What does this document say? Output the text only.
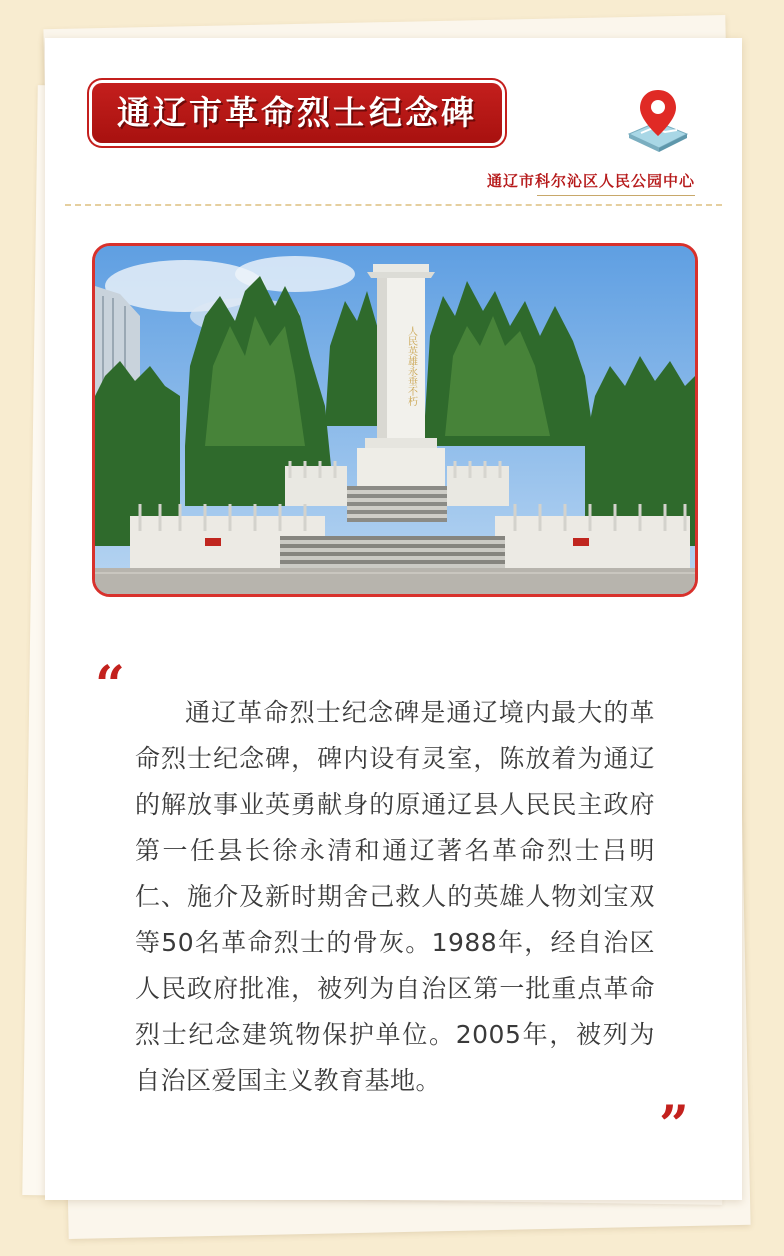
通辽市革命烈士纪念碑
通辽市科尔沁区人民公园中心
人民英雄永垂不朽
“	通辽革命烈士纪念碑是通辽境内最大的革命烈士纪念碑，碑内设有灵室，陈放着为通辽的解放事业英勇献身的原通辽县人民民主政府第一任县长徐永清和通辽著名革命烈士吕明仁、施介及新时期舍己救人的英雄人物刘宝双等50名革命烈士的骨灰。1988年，经自治区人民政府批准，被列为自治区第一批重点革命烈士纪念建筑物保护单位。2005年，被列为自治区爱国主义教育基地。
”
